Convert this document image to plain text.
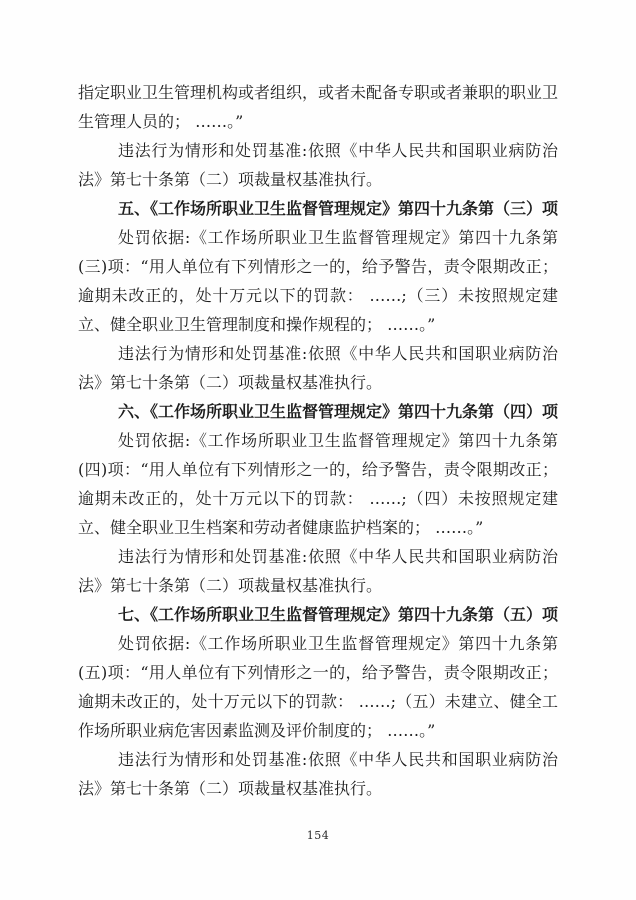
指定职业卫生管理机构或者组织，或者未配备专职或者兼职的职业卫生管理人员的； ……。”

违法行为情形和处罚基准:依照《中华人民共和国职业病防治法》第七十条第（二）项裁量权基准执行。

五、《工作场所职业卫生监督管理规定》第四十九条第（三）项

处罚依据:《工作场所职业卫生监督管理规定》第四十九条第(三)项：“用人单位有下列情形之一的，给予警告，责令限期改正；逾期未改正的，处十万元以下的罚款： ……;（三）未按照规定建立、健全职业卫生管理制度和操作规程的； ……。”

违法行为情形和处罚基准:依照《中华人民共和国职业病防治法》第七十条第（二）项裁量权基准执行。

六、《工作场所职业卫生监督管理规定》第四十九条第（四）项

处罚依据:《工作场所职业卫生监督管理规定》第四十九条第(四)项：“用人单位有下列情形之一的，给予警告，责令限期改正；逾期未改正的，处十万元以下的罚款： ……;（四）未按照规定建立、健全职业卫生档案和劳动者健康监护档案的； ……。”

违法行为情形和处罚基准:依照《中华人民共和国职业病防治法》第七十条第（二）项裁量权基准执行。

七、《工作场所职业卫生监督管理规定》第四十九条第（五）项

处罚依据:《工作场所职业卫生监督管理规定》第四十九条第(五)项：“用人单位有下列情形之一的，给予警告，责令限期改正；逾期未改正的，处十万元以下的罚款： ……;（五）未建立、健全工作场所职业病危害因素监测及评价制度的； ……。”

违法行为情形和处罚基准:依照《中华人民共和国职业病防治法》第七十条第（二）项裁量权基准执行。

154
